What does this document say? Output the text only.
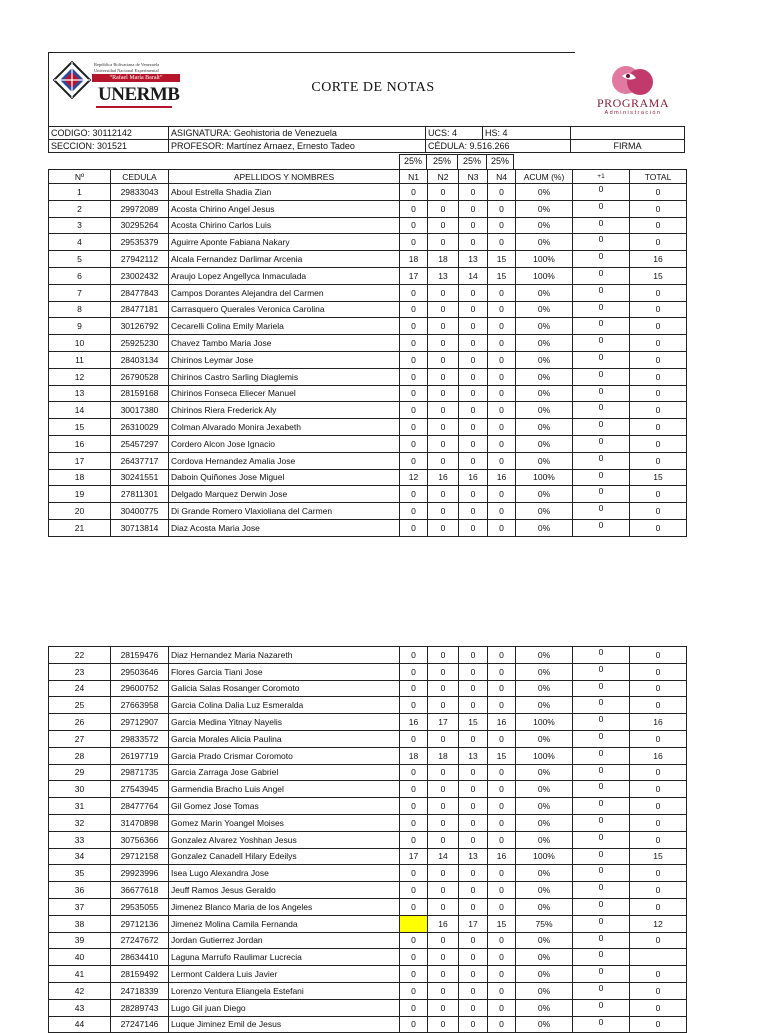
República Bolivariana de Venezuela
Universidad Nacional Experimental
“Rafael María Baralt”
UNERMB	CORTE DE NOTAS
PROGRAMA
Administración
CODIGO: 30112142	ASIGNATURA: Geohistoria de Venezuela	UCS: 4	HS: 4
SECCION: 301521	PROFESOR: Martínez Arnaez, Ernesto Tadeo	CÉDULA: 9.516.266	FIRMA
25%	25%	25%	25%
Nº	CEDULA	APELLIDOS Y NOMBRES	N1	N2	N3	N4	ACUM (%)	+1	TOTAL
1	29833043	Aboul Estrella Shadia Zian	0	0	0	0	0%	0	0
2	29972089	Acosta Chirino Angel Jesus	0	0	0	0	0%	0	0
3	30295264	Acosta Chirino Carlos Luis	0	0	0	0	0%	0	0
4	29535379	Aguirre Aponte Fabiana Nakary	0	0	0	0	0%	0	0
5	27942112	Alcala Fernandez Darlimar Arcenia	18	18	13	15	100%	0	16
6	23002432	Araujo Lopez Angellyca Inmaculada	17	13	14	15	100%	0	15
7	28477843	Campos Dorantes Alejandra del Carmen	0	0	0	0	0%	0	0
8	28477181	Carrasquero Querales Veronica Carolina	0	0	0	0	0%	0	0
9	30126792	Cecarelli Colina Emily Mariela	0	0	0	0	0%	0	0
10	25925230	Chavez Tambo Maria Jose	0	0	0	0	0%	0	0
11	28403134	Chirinos Leymar Jose	0	0	0	0	0%	0	0
12	26790528	Chirinos Castro Sarling Diaglemis	0	0	0	0	0%	0	0
13	28159168	Chirinos Fonseca Eliecer Manuel	0	0	0	0	0%	0	0
14	30017380	Chirinos Riera Frederick Aly	0	0	0	0	0%	0	0
15	26310029	Colman Alvarado Monira Jexabeth	0	0	0	0	0%	0	0
16	25457297	Cordero Alcon Jose Ignacio	0	0	0	0	0%	0	0
17	26437717	Cordova Hernandez Amalia Jose	0	0	0	0	0%	0	0
18	30241551	Daboin Quiñones Jose Miguel	12	16	16	16	100%	0	15
19	27811301	Delgado Marquez Derwin Jose	0	0	0	0	0%	0	0
20	30400775	Di Grande Romero Vlaxioliana del Carmen	0	0	0	0	0%	0	0
21	30713814	Diaz Acosta Maria Jose	0	0	0	0	0%	0	0
22	28159476	Diaz Hernandez Maria Nazareth	0	0	0	0	0%	0	0
23	29503646	Flores Garcia Tiani Jose	0	0	0	0	0%	0	0
24	29600752	Galicia Salas Rosanger Coromoto	0	0	0	0	0%	0	0
25	27663958	Garcia Colina Dalia Luz Esmeralda	0	0	0	0	0%	0	0
26	29712907	Garcia Medina Yitnay Nayelis	16	17	15	16	100%	0	16
27	29833572	Garcia Morales Alicia Paulina	0	0	0	0	0%	0	0
28	26197719	Garcia Prado Crismar Coromoto	18	18	13	15	100%	0	16
29	29871735	Garcia Zarraga Jose Gabriel	0	0	0	0	0%	0	0
30	27543945	Garmendia Bracho Luis Angel	0	0	0	0	0%	0	0
31	28477764	Gil Gomez Jose Tomas	0	0	0	0	0%	0	0
32	31470898	Gomez Marin Yoangel Moises	0	0	0	0	0%	0	0
33	30756366	Gonzalez Alvarez Yoshhan Jesus	0	0	0	0	0%	0	0
34	29712158	Gonzalez Canadell Hilary Edeilys	17	14	13	16	100%	0	15
35	29923996	Isea Lugo Alexandra Jose	0	0	0	0	0%	0	0
36	36677618	Jeuff Ramos Jesus Geraldo	0	0	0	0	0%	0	0
37	29535055	Jimenez Blanco Maria de los Angeles	0	0	0	0	0%	0	0
38	29712136	Jimenez Molina Camila Fernanda		16	17	15	75%	0	12
39	27247672	Jordan Gutierrez Jordan	0	0	0	0	0%	0	0
40	28634410	Laguna Marrufo Raulimar Lucrecia	0	0	0	0	0%	0	
41	28159492	Lermont Caldera Luis Javier	0	0	0	0	0%	0	0
42	24718339	Lorenzo Ventura Eliangela Estefani	0	0	0	0	0%	0	0
43	28289743	Lugo Gil juan Diego	0	0	0	0	0%	0	0
44	27247146	Luque Jiminez Emil de Jesus	0	0	0	0	0%	0	0
